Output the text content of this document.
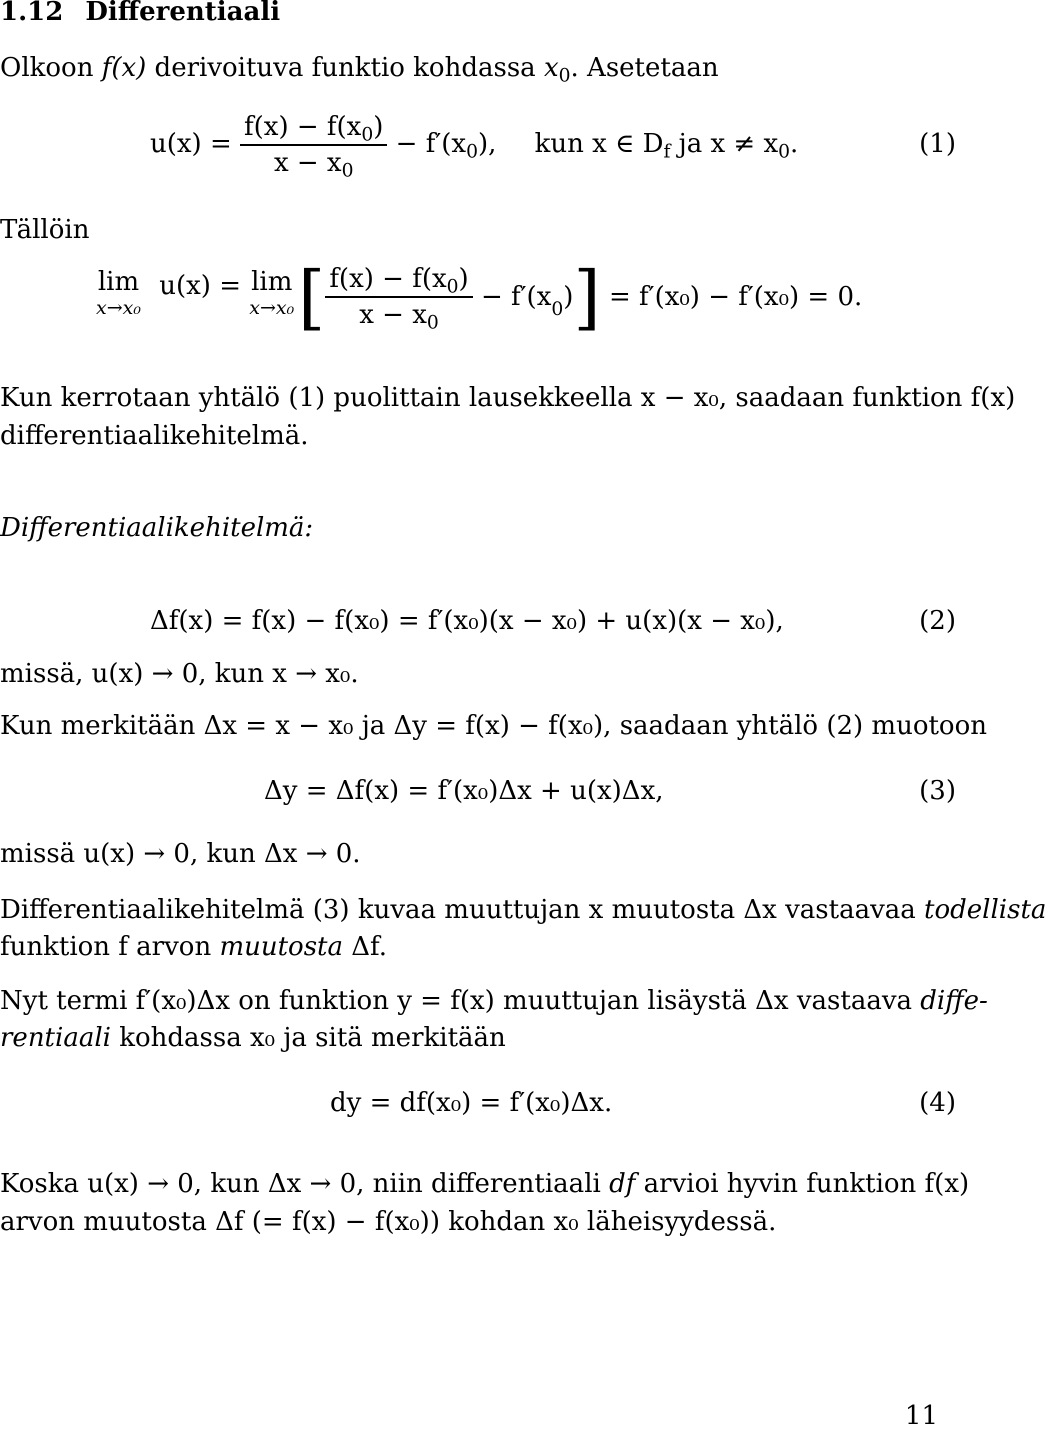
1.12 Differentiaali
Olkoon f(x) derivoituva funktio kohdassa $x_0$. Asetetaan
$u(x) = \frac{f(x) - f(x_0)}{x - x_0} - f'(x_0)$, kun x ∈ $D_f$ ja $x \ne x_0$.	(1)
Tällöin
lim
x→x₀
u(x) = lim
x→x₀ [ $\frac{f(x) - f(x_0)}{x - x_0} - f'(x_0)] = f'(x_0) - f'(x_0) = 0$.
Kun kerrotaan yhtälö (1) puolittain lausekkeella x − x₀, saadaan funktion f(x)
differentiaalikehitelmä.
Differentiaalikehitelmä:
Δf(x) = f(x) − f(x₀) = f′(x₀)(x − x₀) + u(x)(x − x₀),	(2)
missä, u(x) → 0, kun x → x₀.
Kun merkitään Δx = x − x₀ ja Δy = f(x) − f(x₀), saadaan yhtälö (2) muotoon
Δy = Δf(x) = f′(x₀)Δx + u(x)Δx,	(3)
missä u(x) → 0, kun Δx → 0.
Differentiaalikehitelmä (3) kuvaa muuttujan x muutosta Δx vastaavaa todellista
funktion f arvon muutosta Δf.
Nyt termi f′(x₀)Δx on funktion y = f(x) muuttujan lisäystä Δx vastaava diffe-
rentiaali kohdassa x₀ ja sitä merkitään
dy = df(x₀) = f′(x₀)Δx.	(4)
Koska u(x) → 0, kun Δx → 0, niin differentiaali df arvioi hyvin funktion f(x)
arvon muutosta Δf (= f(x) − f(x₀)) kohdan x₀ läheisyydessä.
11
